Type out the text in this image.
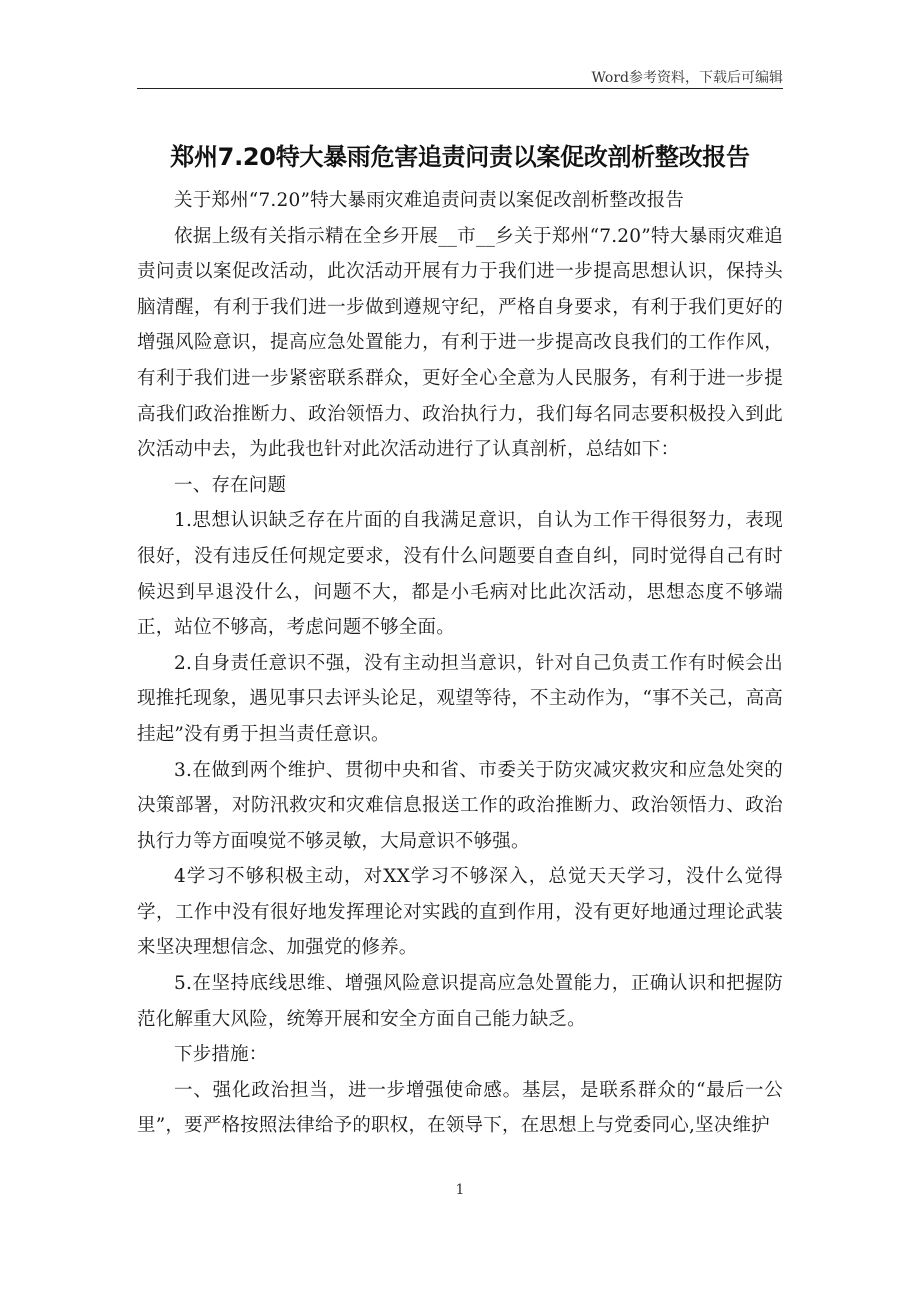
Word参考资料，下载后可编辑
郑州7.20特大暴雨危害追责问责以案促改剖析整改报告

关于郑州“7.20”特大暴雨灾难追责问责以案促改剖析整改报告

依据上级有关指示精在全乡开展__市__乡关于郑州“7.20”特大暴雨灾难追责问责以案促改活动，此次活动开展有力于我们进一步提高思想认识，保持头脑清醒，有利于我们进一步做到遵规守纪，严格自身要求，有利于我们更好的增强风险意识，提高应急处置能力，有利于进一步提高改良我们的工作作风，有利于我们进一步紧密联系群众，更好全心全意为人民服务，有利于进一步提高我们政治推断力、政治领悟力、政治执行力，我们每名同志要积极投入到此次活动中去，为此我也针对此次活动进行了认真剖析，总结如下：

一、存在问题

1.思想认识缺乏存在片面的自我满足意识，自认为工作干得很努力，表现很好，没有违反任何规定要求，没有什么问题要自查自纠，同时觉得自己有时候迟到早退没什么，问题不大，都是小毛病对比此次活动，思想态度不够端正，站位不够高，考虑问题不够全面。

2.自身责任意识不强，没有主动担当意识，针对自己负责工作有时候会出现推托现象，遇见事只去评头论足，观望等待，不主动作为，“事不关己，高高挂起”没有勇于担当责任意识。

3.在做到两个维护、贯彻中央和省、市委关于防灾减灾救灾和应急处突的决策部署，对防汛救灾和灾难信息报送工作的政治推断力、政治领悟力、政治执行力等方面嗅觉不够灵敏，大局意识不够强。

4学习不够积极主动，对XX学习不够深入，总觉天天学习，没什么觉得学，工作中没有很好地发挥理论对实践的直到作用，没有更好地通过理论武装来坚决理想信念、加强党的修养。

5.在坚持底线思维、增强风险意识提高应急处置能力，正确认识和把握防范化解重大风险，统筹开展和安全方面自己能力缺乏。

下步措施：

一、强化政治担当，进一步增强使命感。基层，是联系群众的“最后一公里”，要严格按照法律给予的职权，在领导下，在思想上与党委同心,坚决维护

1
